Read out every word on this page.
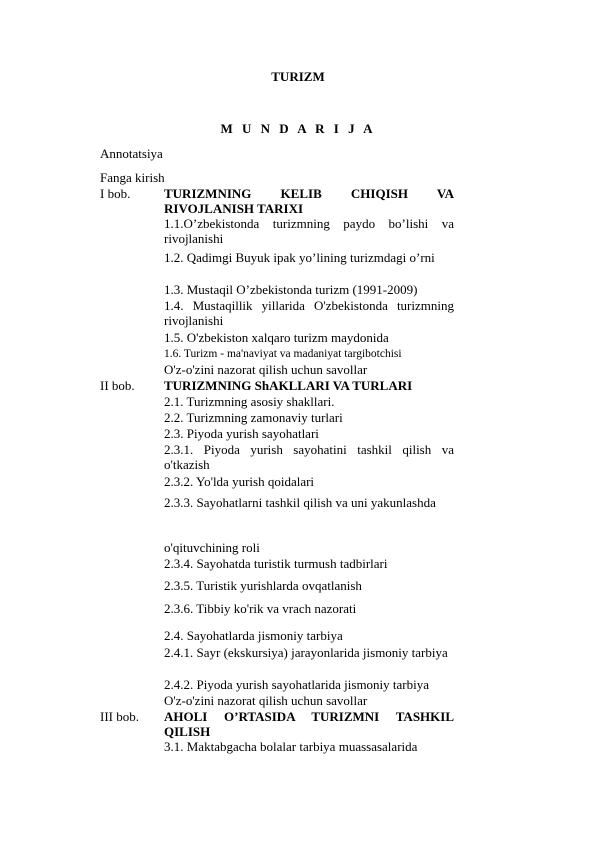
TURIZM
M U N D A R I J A
Annotatsiya
Fanga kirish
I bob.	TURIZMNING KELIB CHIQISH VA RIVOJLANISH TARIXI
1.1.O’zbekistonda turizmning paydo bo’lishi va rivojlanishi
1.2. Qadimgi Buyuk ipak yo’lining turizmdagi o’rni
1.3. Mustaqil O’zbekistonda turizm (1991-2009)
1.4. Mustaqillik yillarida O'zbekistonda turizmning rivojlanishi
1.5. O'zbekiston xalqaro turizm maydonida
1.6. Turizm - ma'naviyat va madaniyat targibotchisi
O'z-o'zini nazorat qilish uchun savollar
II bob. TURIZMNING ShAKLLARI VA TURLARI
2.1. Turizmning asosiy shakllari.
2.2. Turizmning zamonaviy turlari
2.3. Piyoda yurish sayohatlari
2.3.1. Piyoda yurish sayohatini tashkil qilish va o'tkazish
2.3.2. Yo'lda yurish qoidalari
2.3.3. Sayohatlarni tashkil qilish va uni yakunlashda
o'qituvchining roli
2.3.4. Sayohatda turistik turmush tadbirlari
2.3.5. Turistik yurishlarda ovqatlanish
2.3.6. Tibbiy ko'rik va vrach nazorati
2.4. Sayohatlarda jismoniy tarbiya
2.4.1. Sayr (ekskursiya) jarayonlarida jismoniy tarbiya
2.4.2. Piyoda yurish sayohatlarida jismoniy tarbiya
O'z-o'zini nazorat qilish uchun savollar
III bob. AHOLI O’RTASIDA TURIZMNI TASHKIL QILISH
3.1. Maktabgacha bolalar tarbiya muassasalarida
